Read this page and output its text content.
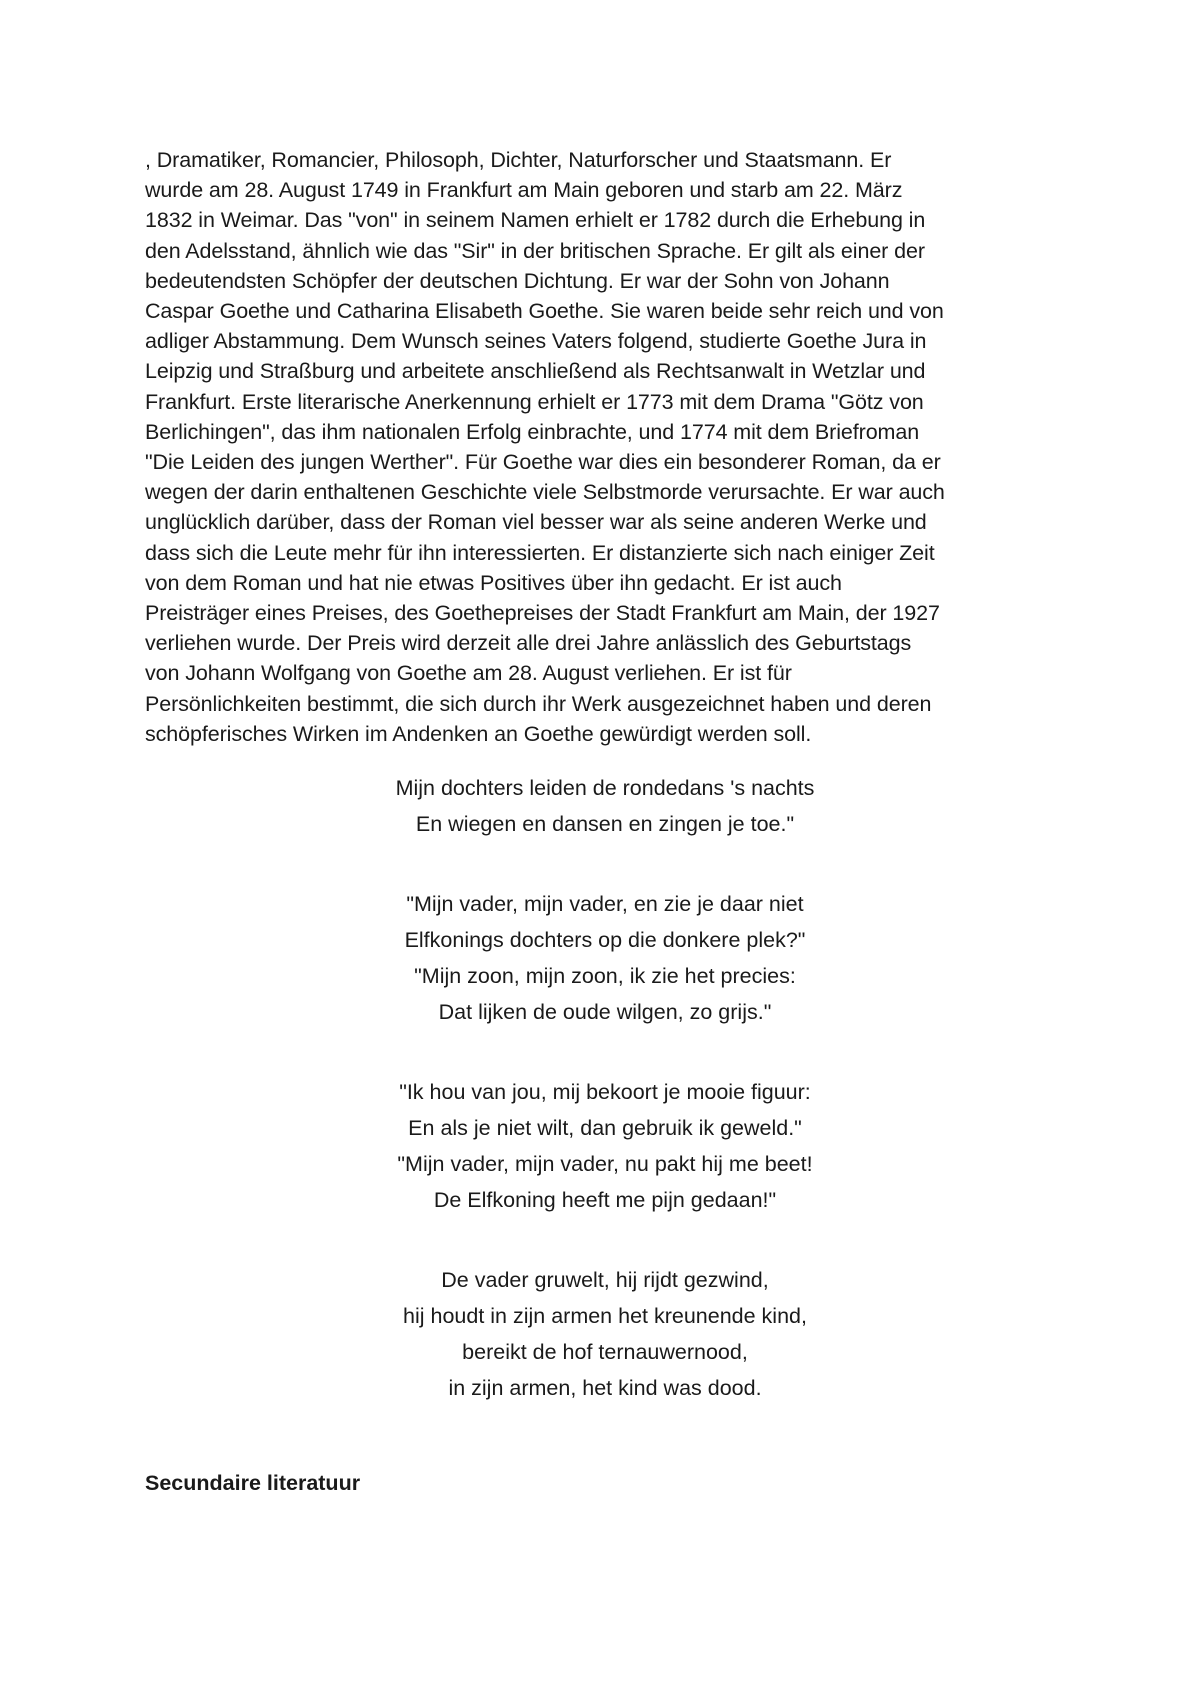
, Dramatiker, Romancier, Philosoph, Dichter, Naturforscher und Staatsmann. Er
wurde am 28. August 1749 in Frankfurt am Main geboren und starb am 22. März
1832 in Weimar. Das "von" in seinem Namen erhielt er 1782 durch die Erhebung in
den Adelsstand, ähnlich wie das "Sir" in der britischen Sprache. Er gilt als einer der
bedeutendsten Schöpfer der deutschen Dichtung. Er war der Sohn von Johann
Caspar Goethe und Catharina Elisabeth Goethe. Sie waren beide sehr reich und von
adliger Abstammung. Dem Wunsch seines Vaters folgend, studierte Goethe Jura in
Leipzig und Straßburg und arbeitete anschließend als Rechtsanwalt in Wetzlar und
Frankfurt. Erste literarische Anerkennung erhielt er 1773 mit dem Drama "Götz von
Berlichingen", das ihm nationalen Erfolg einbrachte, und 1774 mit dem Briefroman
"Die Leiden des jungen Werther". Für Goethe war dies ein besonderer Roman, da er
wegen der darin enthaltenen Geschichte viele Selbstmorde verursachte. Er war auch
unglücklich darüber, dass der Roman viel besser war als seine anderen Werke und
dass sich die Leute mehr für ihn interessierten. Er distanzierte sich nach einiger Zeit
von dem Roman und hat nie etwas Positives über ihn gedacht. Er ist auch
Preisträger eines Preises, des Goethepreises der Stadt Frankfurt am Main, der 1927
verliehen wurde. Der Preis wird derzeit alle drei Jahre anlässlich des Geburtstags
von Johann Wolfgang von Goethe am 28. August verliehen. Er ist für
Persönlichkeiten bestimmt, die sich durch ihr Werk ausgezeichnet haben und deren
schöpferisches Wirken im Andenken an Goethe gewürdigt werden soll.

Mijn dochters leiden de rondedans 's nachts
En wiegen en dansen en zingen je toe."
"Mijn vader, mijn vader, en zie je daar niet
Elfkonings dochters op die donkere plek?"
"Mijn zoon, mijn zoon, ik zie het precies:
Dat lijken de oude wilgen, zo grijs."
"Ik hou van jou, mij bekoort je mooie figuur:
En als je niet wilt, dan gebruik ik geweld."
"Mijn vader, mijn vader, nu pakt hij me beet!
De Elfkoning heeft me pijn gedaan!"
De vader gruwelt, hij rijdt gezwind,
hij houdt in zijn armen het kreunende kind,
bereikt de hof ternauwernood,
in zijn armen, het kind was dood.
Secundaire literatuur
